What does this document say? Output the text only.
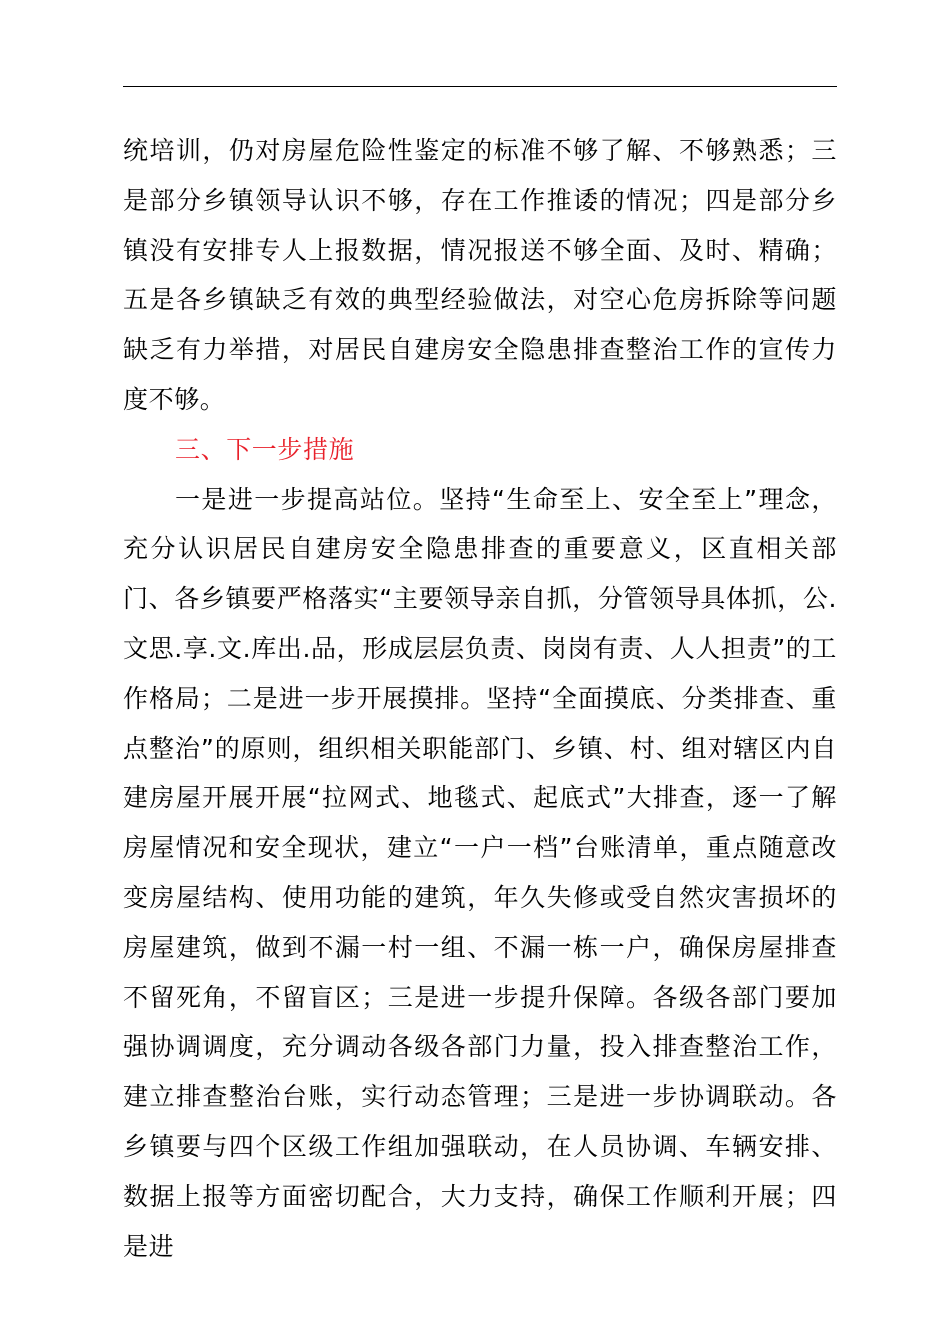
统培训，仍对房屋危险性鉴定的标准不够了解、不够熟悉；三是部分乡镇领导认识不够，存在工作推诿的情况；四是部分乡镇没有安排专人上报数据，情况报送不够全面、及时、精确；五是各乡镇缺乏有效的典型经验做法，对空心危房拆除等问题缺乏有力举措，对居民自建房安全隐患排查整治工作的宣传力度不够。

三、下一步措施

一是进一步提高站位。坚持“生命至上、安全至上”理念，充分认识居民自建房安全隐患排查的重要意义，区直相关部门、各乡镇要严格落实“主要领导亲自抓，分管领导具体抓，公.文思.享.文.库出.品，形成层层负责、岗岗有责、人人担责”的工作格局；二是进一步开展摸排。坚持“全面摸底、分类排查、重点整治”的原则，组织相关职能部门、乡镇、村、组对辖区内自建房屋开展开展“拉网式、地毯式、起底式”大排查，逐一了解房屋情况和安全现状，建立“一户一档”台账清单，重点随意改变房屋结构、使用功能的建筑，年久失修或受自然灾害损坏的房屋建筑，做到不漏一村一组、不漏一栋一户，确保房屋排查不留死角，不留盲区；三是进一步提升保障。各级各部门要加强协调调度，充分调动各级各部门力量，投入排查整治工作，建立排查整治台账，实行动态管理；三是进一步协调联动。各乡镇要与四个区级工作组加强联动，在人员协调、车辆安排、数据上报等方面密切配合，大力支持，确保工作顺利开展；四是进
